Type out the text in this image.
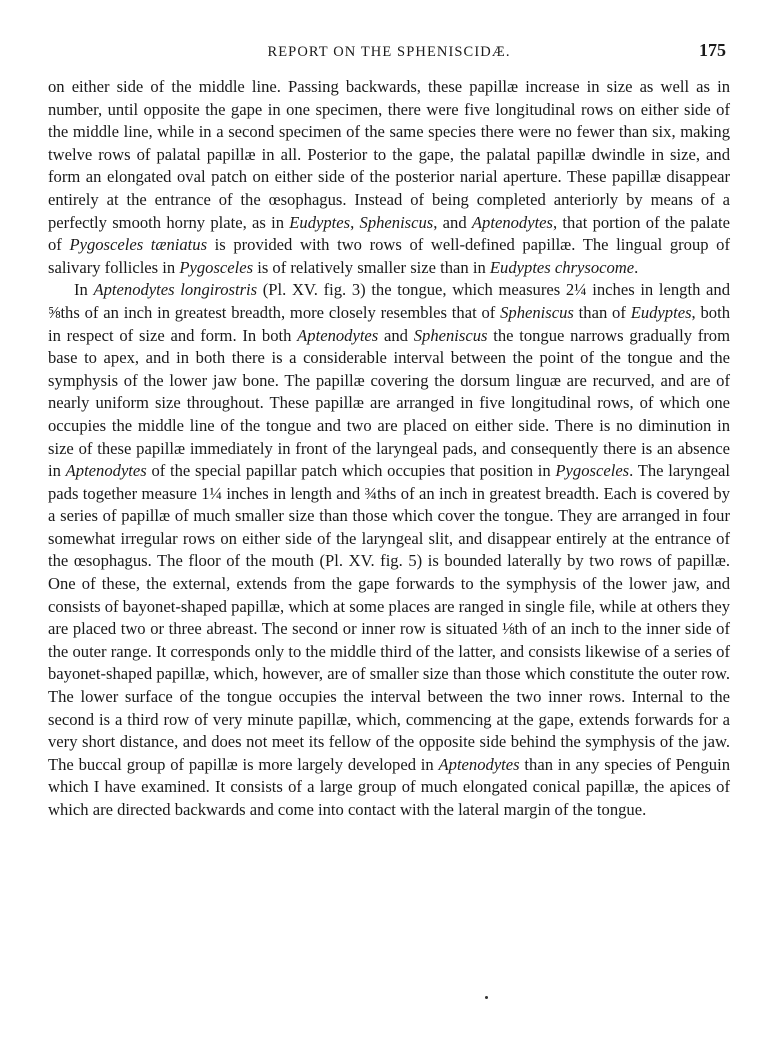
REPORT ON THE SPHENISCIDÆ.	175

on either side of the middle line. Passing backwards, these papillæ increase in size as well as in number, until opposite the gape in one specimen, there were five longitudinal rows on either side of the middle line, while in a second specimen of the same species there were no fewer than six, making twelve rows of palatal papillæ in all. Posterior to the gape, the palatal papillæ dwindle in size, and form an elongated oval patch on either side of the posterior narial aperture. These papillæ disappear entirely at the entrance of the œsophagus. Instead of being completed anteriorly by means of a perfectly smooth horny plate, as in Eudyptes, Spheniscus, and Aptenodytes, that portion of the palate of Pygosceles tæniatus is provided with two rows of well-defined papillæ. The lingual group of salivary follicles in Pygosceles is of relatively smaller size than in Eudyptes chrysocome.

In Aptenodytes longirostris (Pl. XV. fig. 3) the tongue, which measures 2¼ inches in length and ⅝ths of an inch in greatest breadth, more closely resembles that of Spheniscus than of Eudyptes, both in respect of size and form. In both Aptenodytes and Spheniscus the tongue narrows gradually from base to apex, and in both there is a considerable interval between the point of the tongue and the symphysis of the lower jaw bone. The papillæ covering the dorsum linguæ are recurved, and are of nearly uniform size throughout. These papillæ are arranged in five longitudinal rows, of which one occupies the middle line of the tongue and two are placed on either side. There is no diminution in size of these papillæ immediately in front of the laryngeal pads, and consequently there is an absence in Aptenodytes of the special papillar patch which occupies that position in Pygosceles. The laryngeal pads together measure 1¼ inches in length and ¾ths of an inch in greatest breadth. Each is covered by a series of papillæ of much smaller size than those which cover the tongue. They are arranged in four somewhat irregular rows on either side of the laryngeal slit, and disappear entirely at the entrance of the œsophagus. The floor of the mouth (Pl. XV. fig. 5) is bounded laterally by two rows of papillæ. One of these, the external, extends from the gape forwards to the symphysis of the lower jaw, and consists of bayonet-shaped papillæ, which at some places are ranged in single file, while at others they are placed two or three abreast. The second or inner row is situated ⅛th of an inch to the inner side of the outer range. It corresponds only to the middle third of the latter, and consists likewise of a series of bayonet-shaped papillæ, which, however, are of smaller size than those which constitute the outer row. The lower surface of the tongue occupies the interval between the two inner rows. Internal to the second is a third row of very minute papillæ, which, commencing at the gape, extends forwards for a very short distance, and does not meet its fellow of the opposite side behind the symphysis of the jaw. The buccal group of papillæ is more largely developed in Aptenodytes than in any species of Penguin which I have examined. It consists of a large group of much elongated conical papillæ, the apices of which are directed backwards and come into contact with the lateral margin of the tongue.
